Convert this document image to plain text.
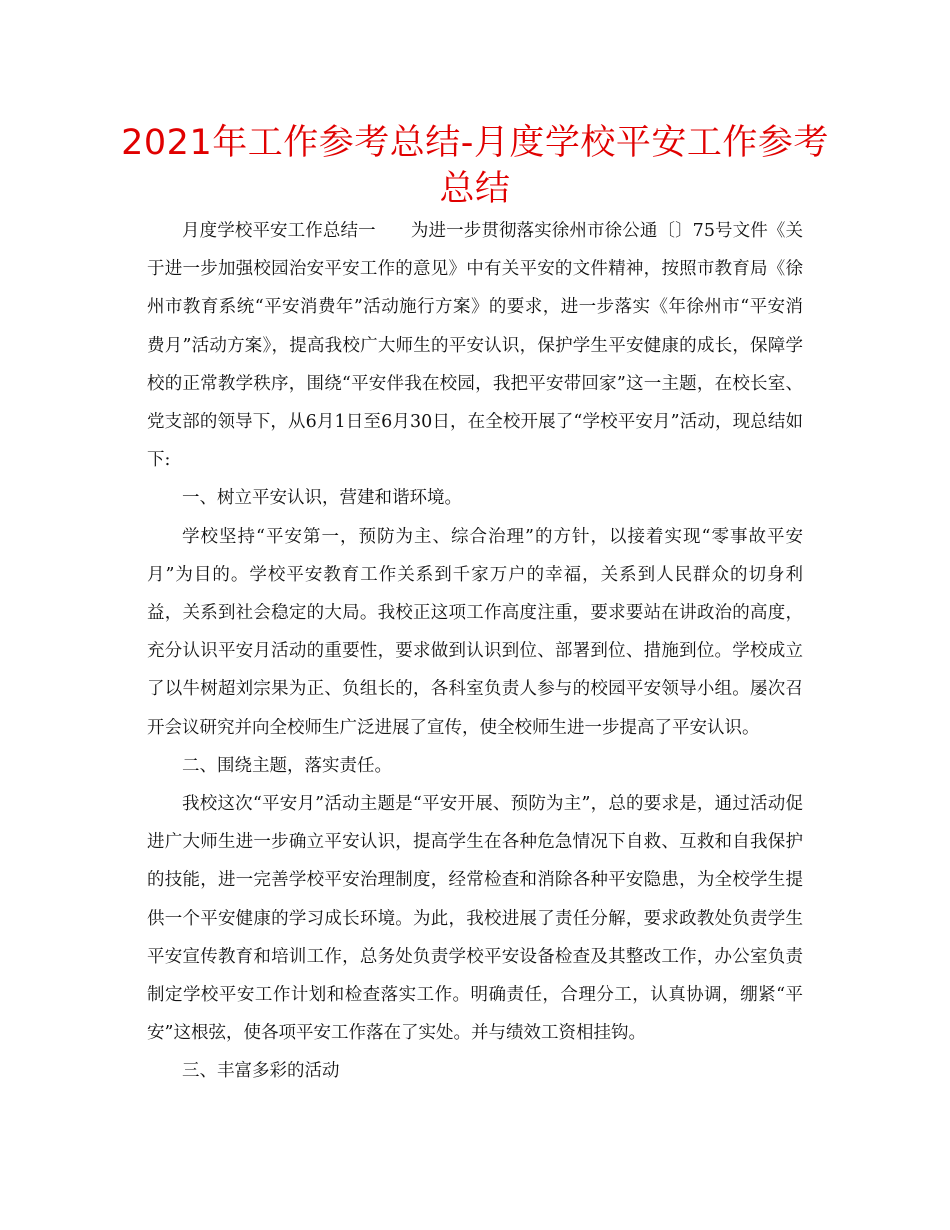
2021年工作参考总结-月度学校平安工作参考总结

月度学校平安工作总结一　　为进一步贯彻落实徐州市徐公通〔〕75号文件《关于进一步加强校园治安平安工作的意见》中有关平安的文件精神，按照市教育局《徐州市教育系统“平安消费年”活动施行方案》的要求，进一步落实《年徐州市“平安消费月”活动方案》，提高我校广大师生的平安认识，保护学生平安健康的成长，保障学校的正常教学秩序，围绕“平安伴我在校园，我把平安带回家”这一主题，在校长室、党支部的领导下，从6月1日至6月30日，在全校开展了“学校平安月”活动，现总结如下:

一、树立平安认识，营建和谐环境。

学校坚持“平安第一，预防为主、综合治理”的方针，以接着实现“零事故平安月”为目的。学校平安教育工作关系到千家万户的幸福，关系到人民群众的切身利益，关系到社会稳定的大局。我校正这项工作高度注重，要求要站在讲政治的高度，充分认识平安月活动的重要性，要求做到认识到位、部署到位、措施到位。学校成立了以牛树超刘宗果为正、负组长的，各科室负责人参与的校园平安领导小组。屡次召开会议研究并向全校师生广泛进展了宣传，使全校师生进一步提高了平安认识。

二、围绕主题，落实责任。

我校这次“平安月”活动主题是“平安开展、预防为主”，总的要求是，通过活动促进广大师生进一步确立平安认识，提高学生在各种危急情况下自救、互救和自我保护的技能，进一完善学校平安治理制度，经常检查和消除各种平安隐患，为全校学生提供一个平安健康的学习成长环境。为此，我校进展了责任分解，要求政教处负责学生平安宣传教育和培训工作，总务处负责学校平安设备检查及其整改工作，办公室负责制定学校平安工作计划和检查落实工作。明确责任，合理分工，认真协调，绷紧“平安”这根弦，使各项平安工作落在了实处。并与绩效工资相挂钩。

三、丰富多彩的活动
